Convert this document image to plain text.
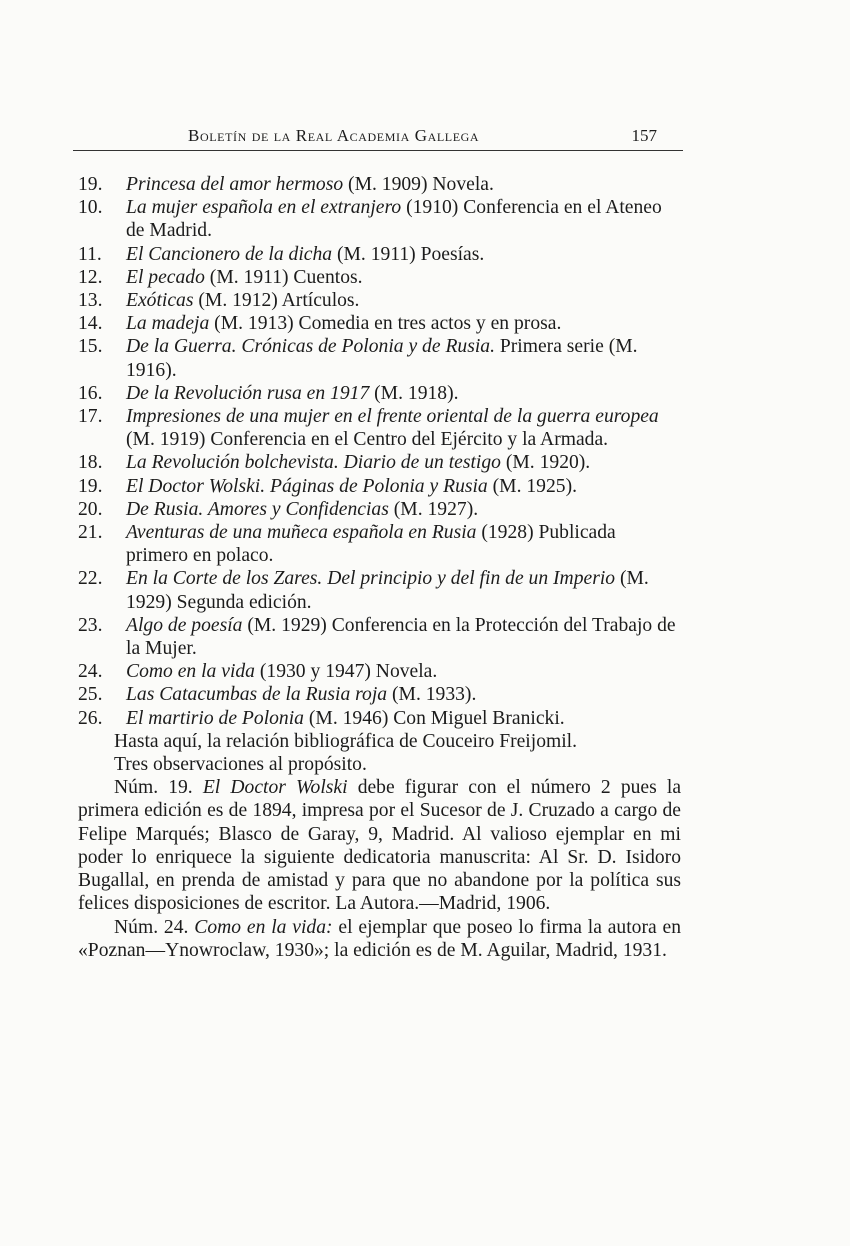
Boletín de la Real Academia Gallega	157
19. Princesa del amor hermoso (M. 1909) Novela.
10. La mujer española en el extranjero (1910) Conferencia en el Ateneo de Madrid.
11. El Cancionero de la dicha (M. 1911) Poesías.
12. El pecado (M. 1911) Cuentos.
13. Exóticas (M. 1912) Artículos.
14. La madeja (M. 1913) Comedia en tres actos y en prosa.
15. De la Guerra. Crónicas de Polonia y de Rusia. Primera serie (M. 1916).
16. De la Revolución rusa en 1917 (M. 1918).
17. Impresiones de una mujer en el frente oriental de la guerra europea (M. 1919) Conferencia en el Centro del Ejército y la Armada.
18. La Revolución bolchevista. Diario de un testigo (M. 1920).
19. El Doctor Wolski. Páginas de Polonia y Rusia (M. 1925).
20. De Rusia. Amores y Confidencias (M. 1927).
21. Aventuras de una muñeca española en Rusia (1928) Publicada primero en polaco.
22. En la Corte de los Zares. Del principio y del fin de un Imperio (M. 1929) Segunda edición.
23. Algo de poesía (M. 1929) Conferencia en la Protección del Trabajo de la Mujer.
24. Como en la vida (1930 y 1947) Novela.
25. Las Catacumbas de la Rusia roja (M. 1933).
26. El martirio de Polonia (M. 1946) Con Miguel Branicki.

Hasta aquí, la relación bibliográfica de Couceiro Freijomil.

Tres observaciones al propósito.

Núm. 19. El Doctor Wolski debe figurar con el número 2 pues la primera edición es de 1894, impresa por el Sucesor de J. Cruzado a cargo de Felipe Marqués; Blasco de Garay, 9, Madrid. Al valioso ejemplar en mi poder lo enriquece la siguiente dedicatoria manuscrita: Al Sr. D. Isidoro Bugallal, en prenda de amistad y para que no abandone por la política sus felices disposiciones de escritor. La Autora.—Madrid, 1906.

Núm. 24. Como en la vida: el ejemplar que poseo lo firma la autora en «Poznan—Ynowroclaw, 1930»; la edición es de M. Aguilar, Madrid, 1931.
